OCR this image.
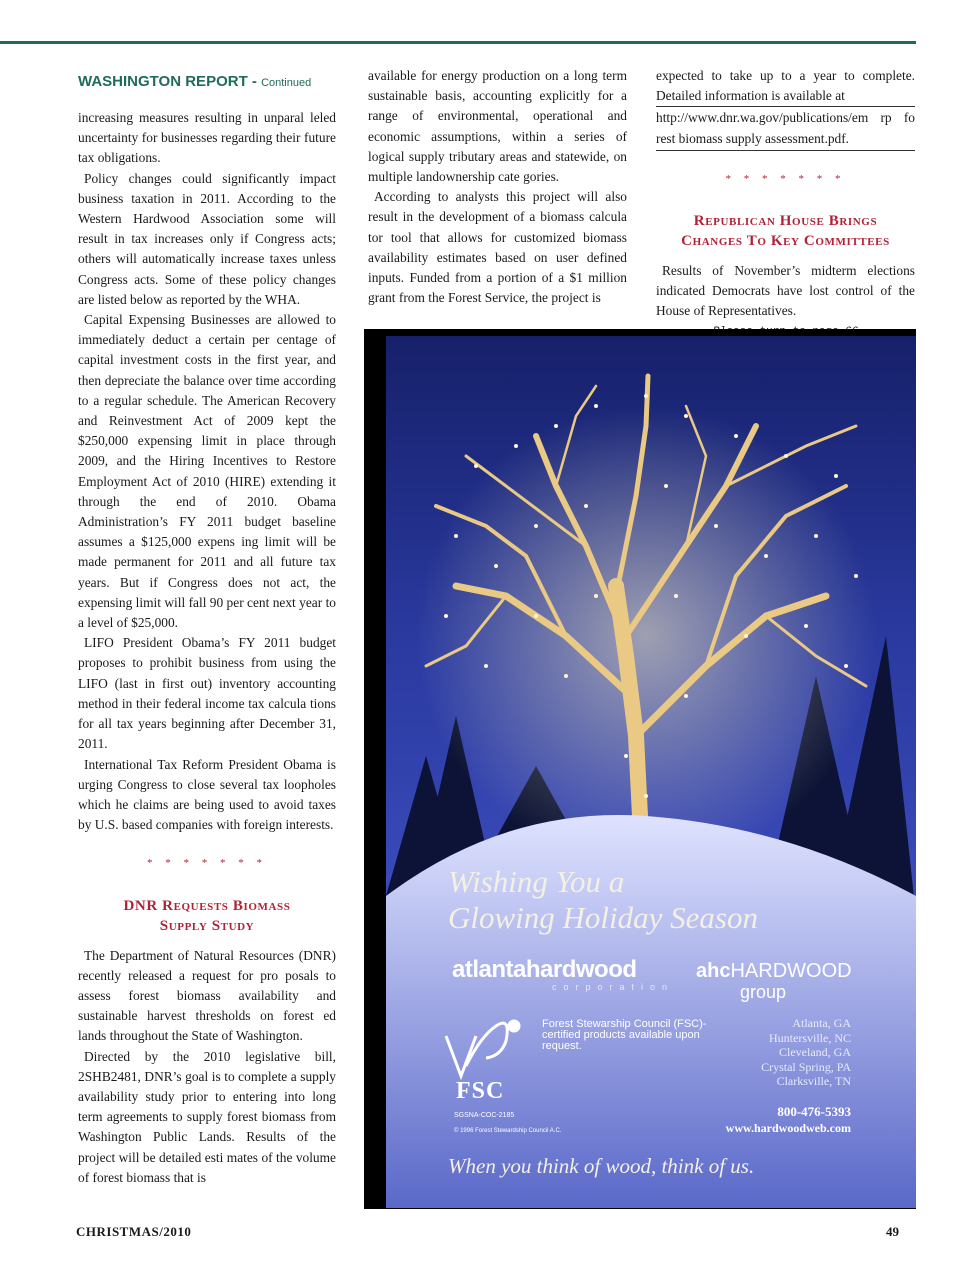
WASHINGTON REPORT - Continued

increasing measures resulting in unparal leled uncertainty for businesses regarding their future tax obligations.

Policy changes could significantly impact business taxation in 2011. According to the Western Hardwood Association some will result in tax increases only if Congress acts; others will automatically increase taxes unless Congress acts. Some of these policy changes are listed below as reported by the WHA.

Capital Expensing Businesses are allowed to immediately deduct a certain per centage of capital investment costs in the first year, and then depreciate the balance over time according to a regular schedule. The American Recovery and Reinvestment Act of 2009 kept the $250,000 expensing limit in place through 2009, and the Hiring Incentives to Restore Employment Act of 2010 (HIRE) extending it through the end of 2010. Obama Administration’s FY 2011 budget baseline assumes a $125,000 expens ing limit will be made permanent for 2011 and all future tax years. But if Congress does not act, the expensing limit will fall 90 per cent next year to a level of $25,000.

LIFO President Obama’s FY 2011 budget proposes to prohibit business from using the LIFO (last in first out) inventory accounting method in their federal income tax calcula tions for all tax years beginning after December 31, 2011.

International Tax Reform President Obama is urging Congress to close several tax loopholes which he claims are being used to avoid taxes by U.S. based companies with foreign interests.

* * * * * * *
DNR Requests Biomass
Supply Study

The Department of Natural Resources (DNR) recently released a request for pro posals to assess forest biomass availability and sustainable harvest thresholds on forest ed lands throughout the State of Washington.

Directed by the 2010 legislative bill, 2SHB2481, DNR’s goal is to complete a supply availability study prior to entering into long term agreements to supply forest biomass from Washington Public Lands. Results of the project will be detailed esti mates of the volume of forest biomass that is

available for energy production on a long term sustainable basis, accounting explicitly for a range of environmental, operational and economic assumptions, within a series of logical supply tributary areas and statewide, on multiple landownership cate gories.

According to analysts this project will also result in the development of a biomass calcula tor tool that allows for customized biomass availability estimates based on user defined inputs. Funded from a portion of a $1 million grant from the Forest Service, the project is

expected to take up to a year to complete. Detailed information is available at

http://www.dnr.wa.gov/publications/em rp fo rest biomass supply assessment.pdf.

* * * * * * *
Republican House Brings
Changes To Key Committees

Results of November’s midterm elections indicated Democrats have lost control of the House of Representatives.

Wishing You a
Glowing Holiday Season
atlantahardwood
corporation
ahcHARDWOOD
group
Forest Stewarship Council (FSC)-certified products available upon request.
FSC
SGSNA-COC-2185
© 1996 Forest Stewardship Council A.C.
Atlanta, GA
Huntersville, NC
Cleveland, GA
Crystal Spring, PA
Clarksville, TN
800-476-5393
www.hardwoodweb.com
When you think of wood, think of us.
CHRISTMAS/2010	49
